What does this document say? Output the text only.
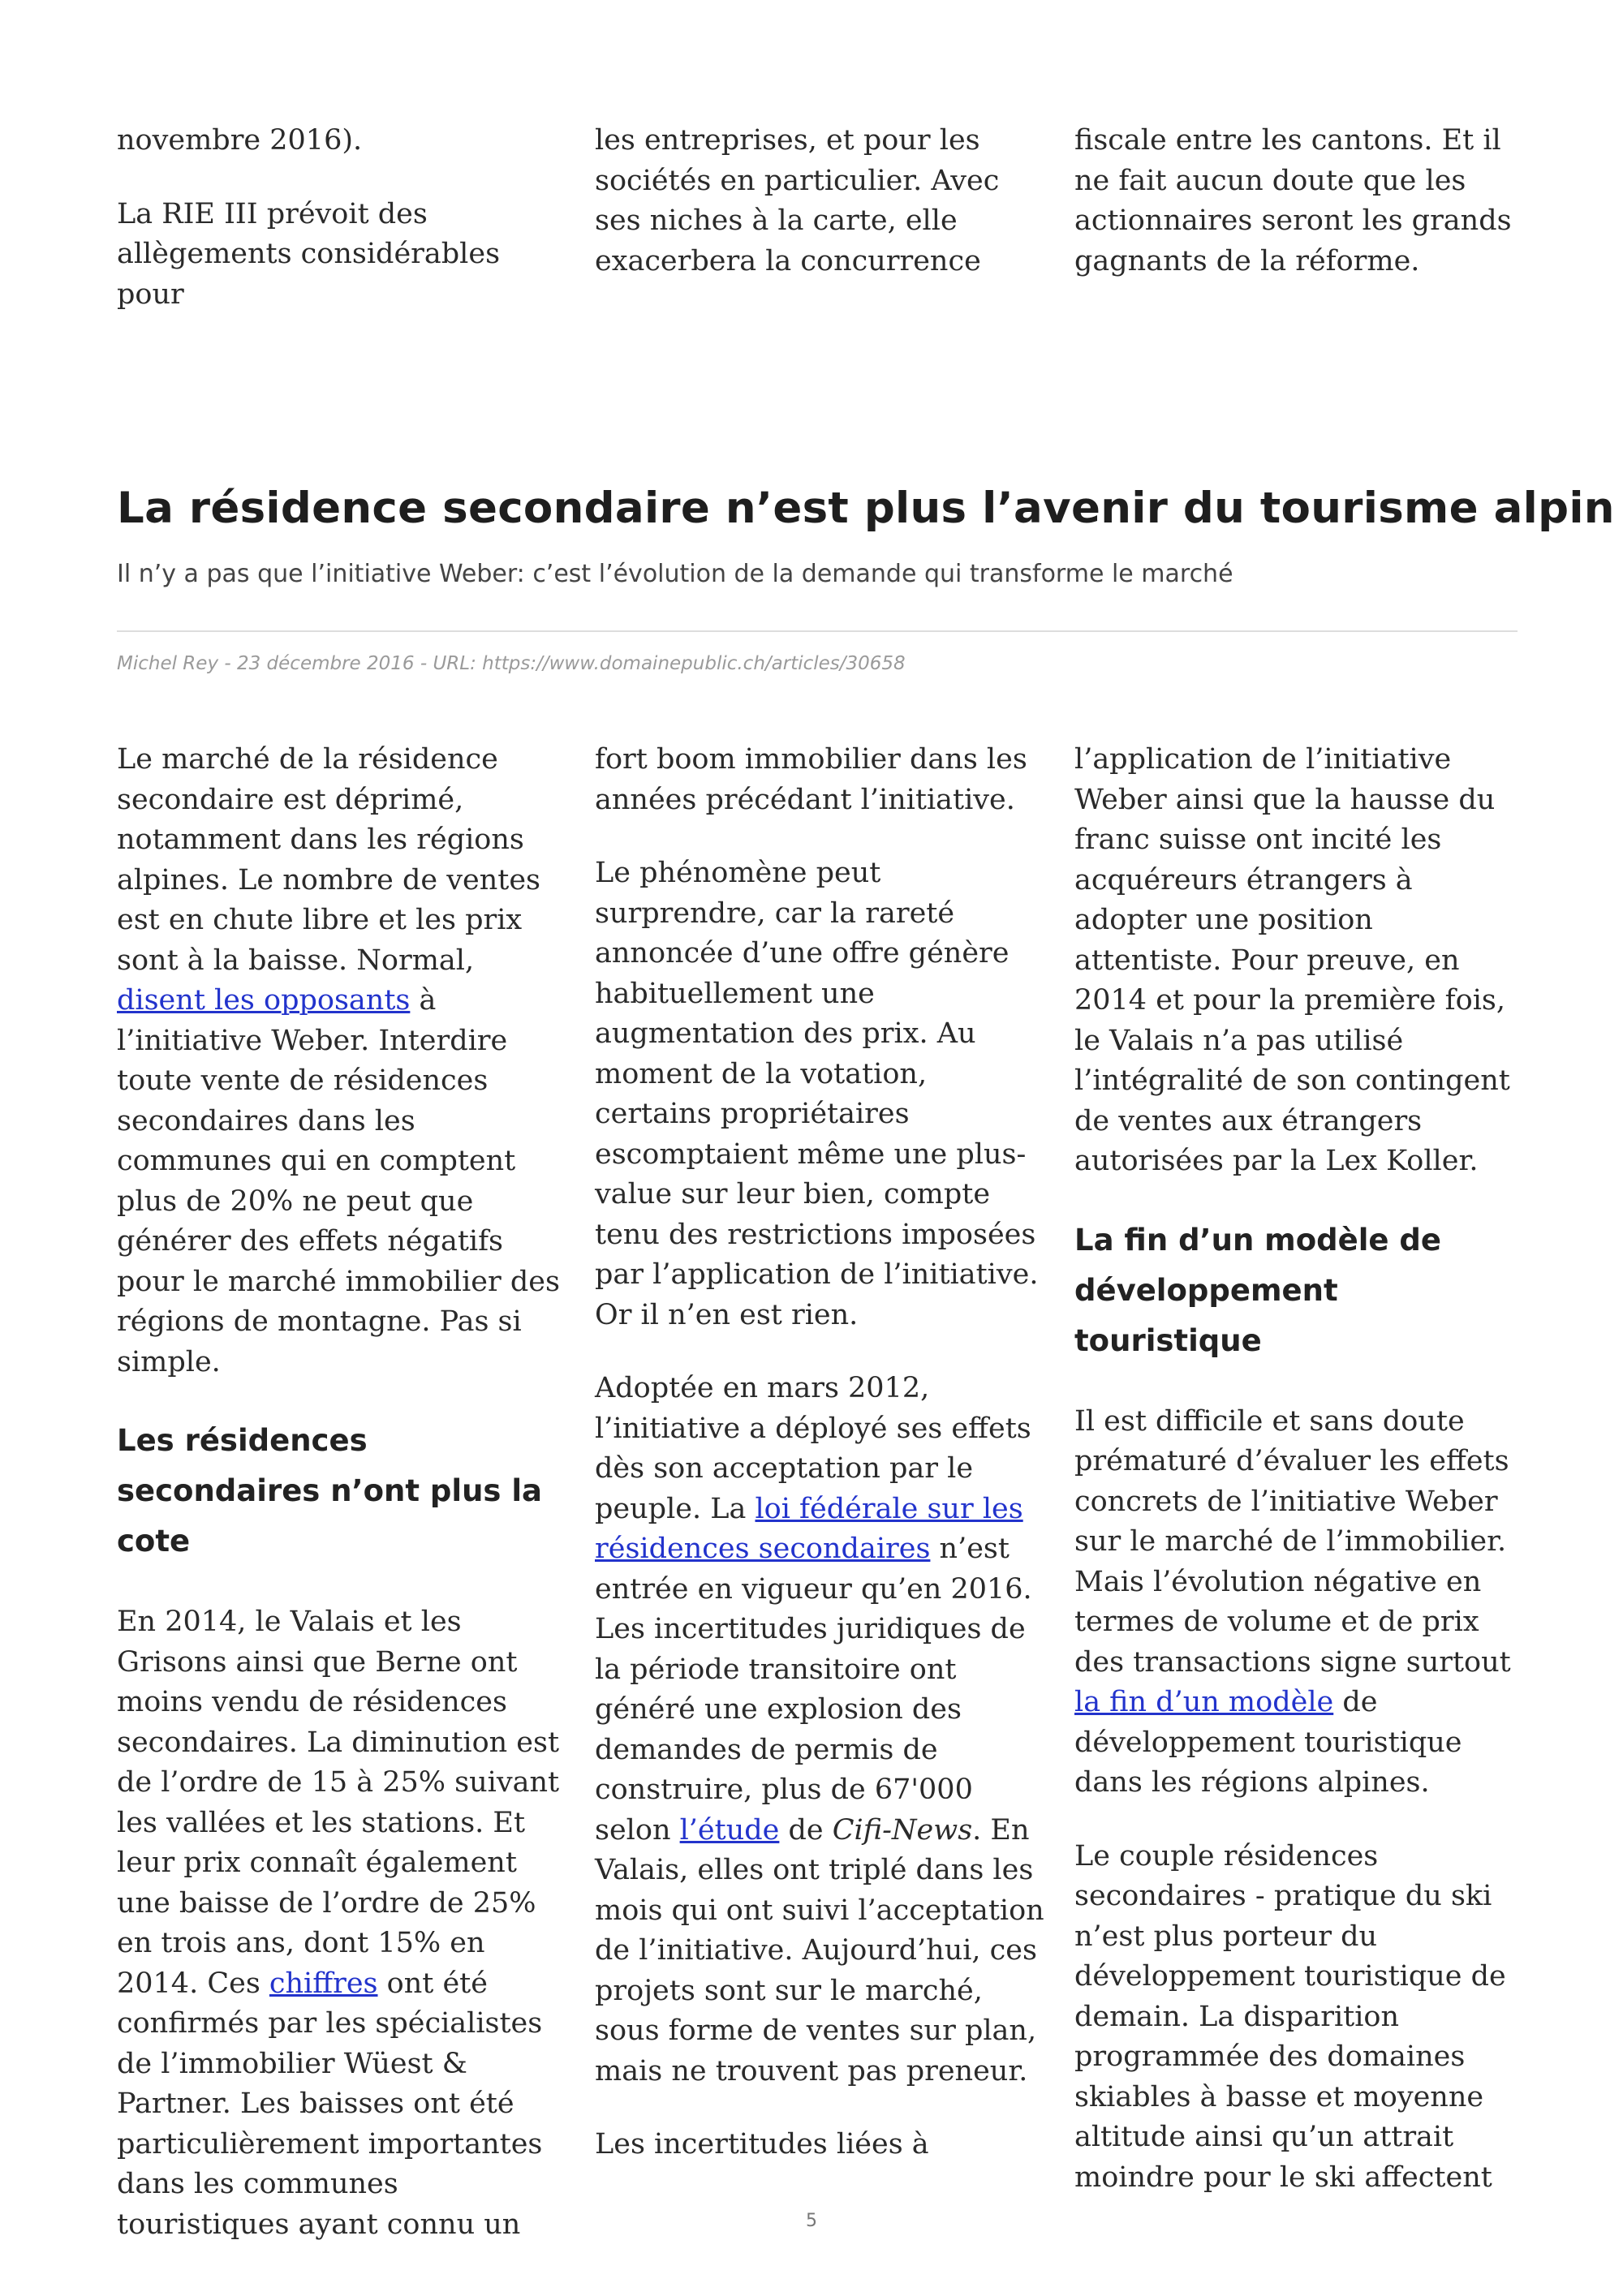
novembre 2016).

La RIE III prévoit des allègements considérables pour

les entreprises, et pour les sociétés en particulier. Avec ses niches à la carte, elle exacerbera la concurrence

fiscale entre les cantons. Et il ne fait aucun doute que les actionnaires seront les grands gagnants de la réforme.

La résidence secondaire n’est plus l’avenir du tourisme alpin

Il n’y a pas que l’initiative Weber: c’est l’évolution de la demande qui transforme le marché

Michel Rey - 23 décembre 2016 - URL: https://www.domainepublic.ch/articles/30658

Le marché de la résidence secondaire est déprimé, notamment dans les régions alpines. Le nombre de ventes est en chute libre et les prix sont à la baisse. Normal, disent les opposants à l’initiative Weber. Interdire toute vente de résidences secondaires dans les communes qui en comptent plus de 20% ne peut que générer des effets négatifs pour le marché immobilier des régions de montagne. Pas si simple.

Les résidences secondaires n’ont plus la cote

En 2014, le Valais et les Grisons ainsi que Berne ont moins vendu de résidences secondaires. La diminution est de l’ordre de 15 à 25% suivant les vallées et les stations. Et leur prix connaît également une baisse de l’ordre de 25% en trois ans, dont 15% en 2014. Ces chiffres ont été confirmés par les spécialistes de l’immobilier Wüest & Partner. Les baisses ont été particulièrement importantes dans les communes touristiques ayant connu un

fort boom immobilier dans les années précédant l’initiative.

Le phénomène peut surprendre, car la rareté annoncée d’une offre génère habituellement une augmentation des prix. Au moment de la votation, certains propriétaires escomptaient même une plus-value sur leur bien, compte tenu des restrictions imposées par l’application de l’initiative. Or il n’en est rien.

Adoptée en mars 2012, l’initiative a déployé ses effets dès son acceptation par le peuple. La loi fédérale sur les résidences secondaires n’est entrée en vigueur qu’en 2016. Les incertitudes juridiques de la période transitoire ont généré une explosion des demandes de permis de construire, plus de 67'000 selon l’étude de Cifi-News. En Valais, elles ont triplé dans les mois qui ont suivi l’acceptation de l’initiative. Aujourd’hui, ces projets sont sur le marché, sous forme de ventes sur plan, mais ne trouvent pas preneur.

Les incertitudes liées à

l’application de l’initiative Weber ainsi que la hausse du franc suisse ont incité les acquéreurs étrangers à adopter une position attentiste. Pour preuve, en 2014 et pour la première fois, le Valais n’a pas utilisé l’intégralité de son contingent de ventes aux étrangers autorisées par la Lex Koller.

La fin d’un modèle de développement touristique

Il est difficile et sans doute prématuré d’évaluer les effets concrets de l’initiative Weber sur le marché de l’immobilier. Mais l’évolution négative en termes de volume et de prix des transactions signe surtout la fin d’un modèle de développement touristique dans les régions alpines.

Le couple résidences secondaires - pratique du ski n’est plus porteur du développement touristique de demain. La disparition programmée des domaines skiables à basse et moyenne altitude ainsi qu’un attrait moindre pour le ski affectent

5
